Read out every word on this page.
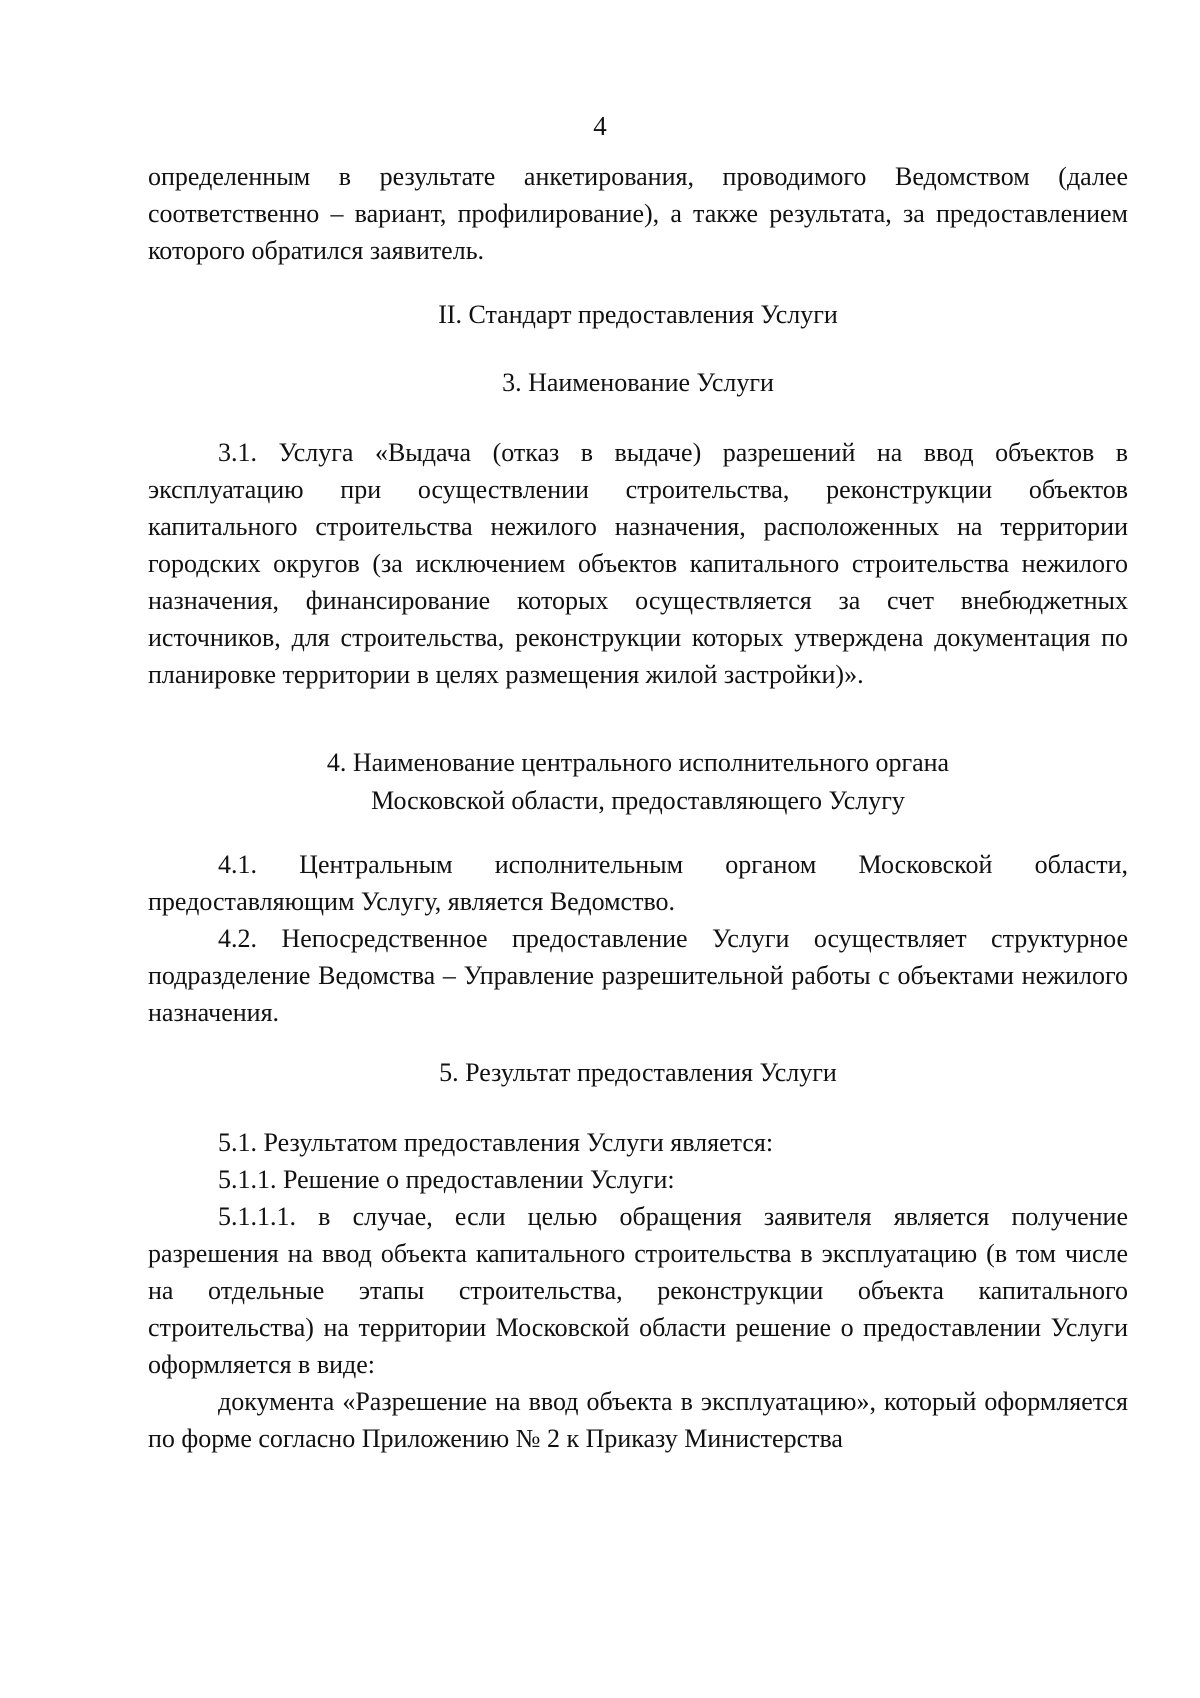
4

определенным в результате анкетирования, проводимого Ведомством (далее соответственно – вариант, профилирование), а также результата, за предоставлением которого обратился заявитель.

II. Стандарт предоставления Услуги
3. Наименование Услуги

3.1. Услуга «Выдача (отказ в выдаче) разрешений на ввод объектов в эксплуатацию при осуществлении строительства, реконструкции объектов капитального строительства нежилого назначения, расположенных на территории городских округов (за исключением объектов капитального строительства нежилого назначения, финансирование которых осуществляется за счет внебюджетных источников, для строительства, реконструкции которых утверждена документация по планировке территории в целях размещения жилой застройки)».

4. Наименование центрального исполнительного органа
Московской области, предоставляющего Услугу

4.1. Центральным исполнительным органом Московской области, предоставляющим Услугу, является Ведомство.

4.2. Непосредственное предоставление Услуги осуществляет структурное подразделение Ведомства – Управление разрешительной работы с объектами нежилого назначения.

5. Результат предоставления Услуги

5.1. Результатом предоставления Услуги является:

5.1.1. Решение о предоставлении Услуги:

5.1.1.1. в случае, если целью обращения заявителя является получение разрешения на ввод объекта капитального строительства в эксплуатацию (в том числе на отдельные этапы строительства, реконструкции объекта капитального строительства) на территории Московской области решение о предоставлении Услуги оформляется в виде:

документа «Разрешение на ввод объекта в эксплуатацию», который оформляется по форме согласно Приложению № 2 к Приказу Министерства
